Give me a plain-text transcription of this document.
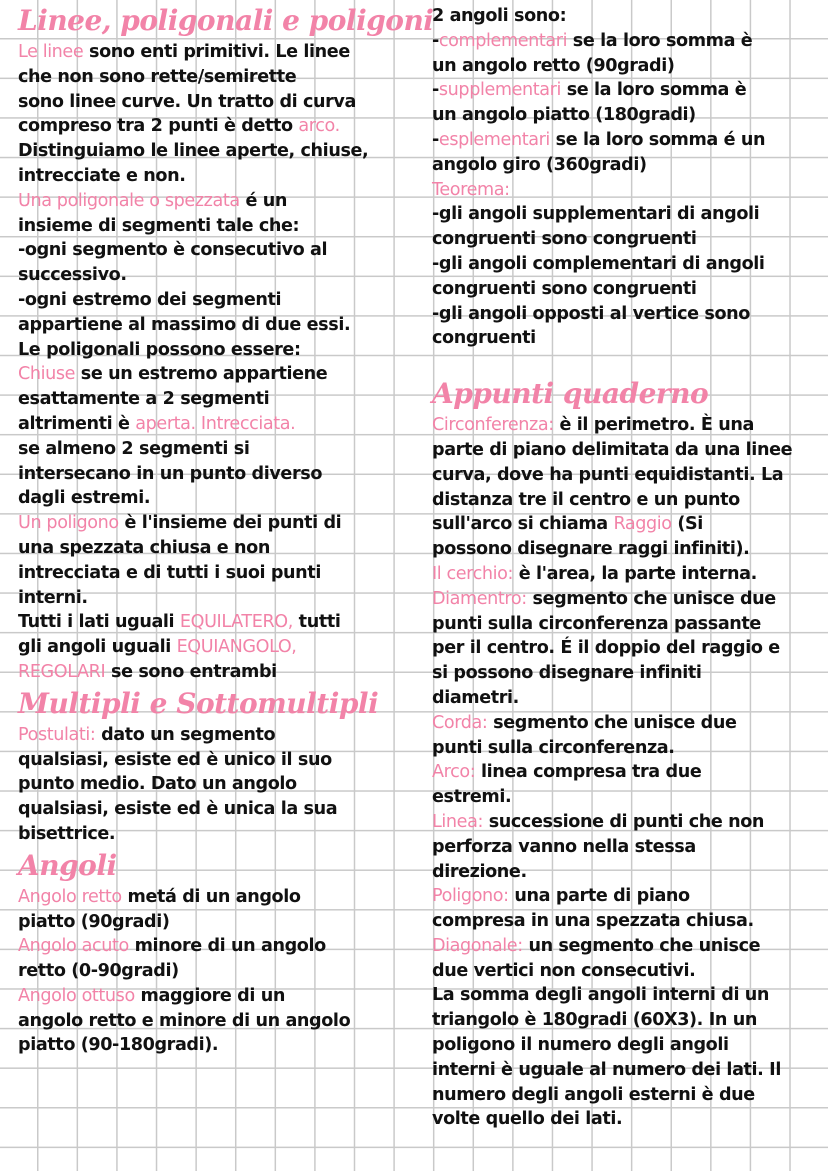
Linee, poligonali e poligoni

Le linee sono enti primitivi. Le linee

che non sono rette/semirette

sono linee curve. Un tratto di curva

compreso tra 2 punti è detto arco.

Distinguiamo le linee aperte, chiuse,

intrecciate e non.

Una poligonale o spezzata é un

insieme di segmenti tale che:

-ogni segmento è consecutivo al

successivo.

-ogni estremo dei segmenti

appartiene al massimo di due essi.

Le poligonali possono essere:

Chiuse se un estremo appartiene

esattamente a 2 segmenti

altrimenti è aperta. Intrecciata.

se almeno 2 segmenti si

intersecano in un punto diverso

dagli estremi.

Un poligono è l'insieme dei punti di

una spezzata chiusa e non

intrecciata e di tutti i suoi punti

interni.

Tutti i lati uguali EQUILATERO, tutti

gli angoli uguali EQUIANGOLO,

REGOLARI se sono entrambi

Multipli e Sottomultipli

Postulati: dato un segmento

qualsiasi, esiste ed è unico il suo

punto medio. Dato un angolo

qualsiasi, esiste ed è unica la sua

bisettrice.

Angoli

Angolo retto metá di un angolo

piatto (90gradi)

Angolo acuto minore di un angolo

retto (0-90gradi)

Angolo ottuso maggiore di un

angolo retto e minore di un angolo

piatto (90-180gradi).

2 angoli sono:

-complementari se la loro somma è

un angolo retto (90gradi)

-supplementari se la loro somma è

un angolo piatto (180gradi)

-esplementari se la loro somma é un

angolo giro (360gradi)

Teorema:

-gli angoli supplementari di angoli

congruenti sono congruenti

-gli angoli complementari di angoli

congruenti sono congruenti

-gli angoli opposti al vertice sono

congruenti

Appunti quaderno

Circonferenza: è il perimetro. È una

parte di piano delimitata da una linee

curva, dove ha punti equidistanti. La

distanza tre il centro e un punto

sull'arco si chiama Raggio (Si

possono disegnare raggi infiniti).

Il cerchio: è l'area, la parte interna.

Diamentro: segmento che unisce due

punti sulla circonferenza passante

per il centro. É il doppio del raggio e

si possono disegnare infiniti

diametri.

Corda: segmento che unisce due

punti sulla circonferenza.

Arco: linea compresa tra due

estremi.

Linea: successione di punti che non

perforza vanno nella stessa

direzione.

Poligono: una parte di piano

compresa in una spezzata chiusa.

Diagonale: un segmento che unisce

due vertici non consecutivi.

La somma degli angoli interni di un

triangolo è 180gradi (60X3). In un

poligono il numero degli angoli

interni è uguale al numero dei lati. Il

numero degli angoli esterni è due

volte quello dei lati.
